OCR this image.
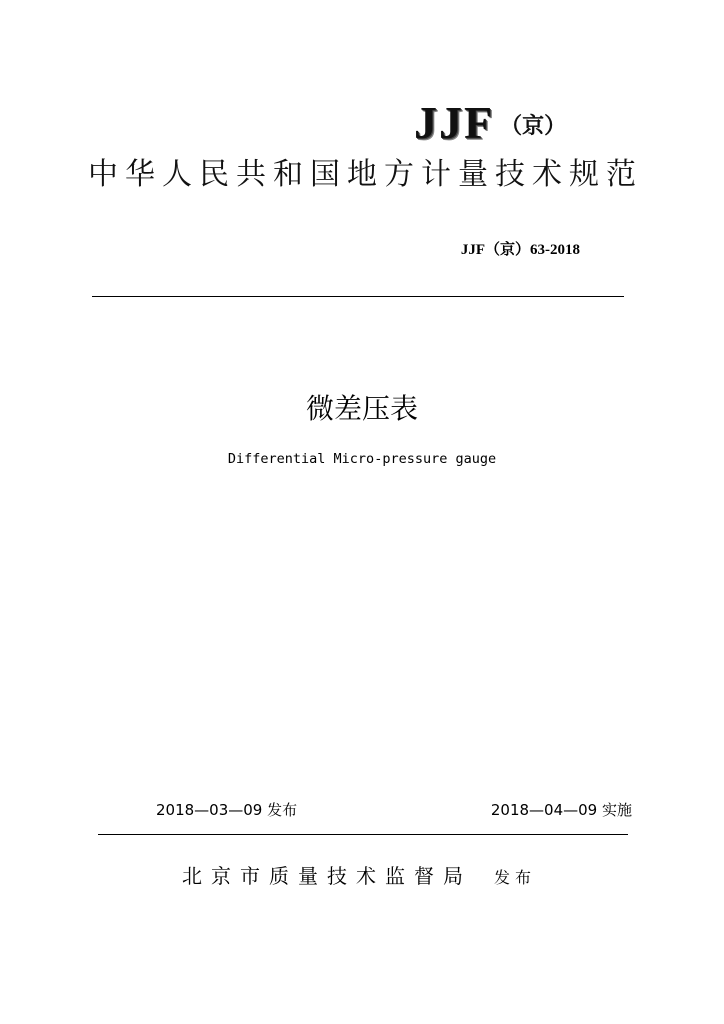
JJF （京）
中华人民共和国地方计量技术规范
JJF（京）63-2018
微差压表
Differential Micro-pressure gauge
2018—03—09 发布	2018—04—09 实施
北京市质量技术监督局 发布
